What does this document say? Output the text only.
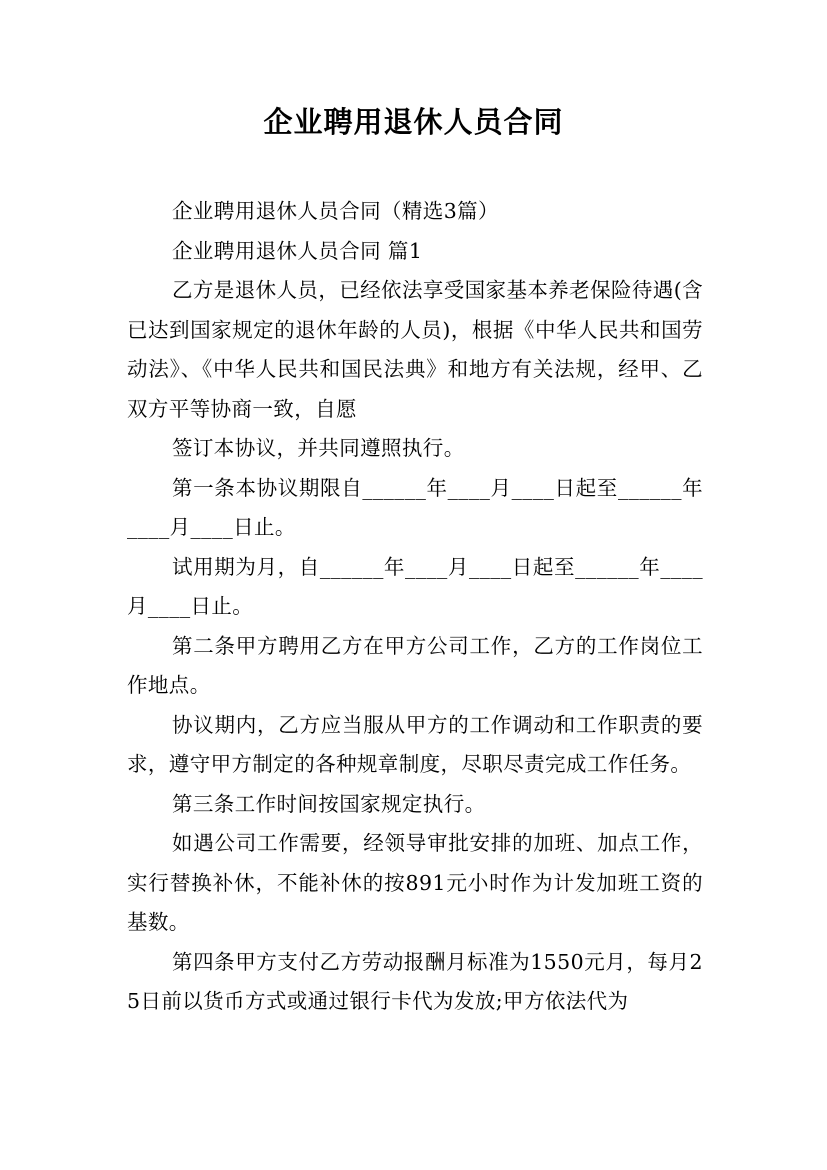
企业聘用退休人员合同

企业聘用退休人员合同（精选3篇）

企业聘用退休人员合同 篇1

乙方是退休人员，已经依法享受国家基本养老保险待遇(含已达到国家规定的退休年龄的人员)，根据《中华人民共和国劳动法》、《中华人民共和国民法典》和地方有关法规，经甲、乙双方平等协商一致，自愿

签订本协议，并共同遵照执行。

第一条本协议期限自______年____月____日起至______年____月____日止。

试用期为月，自______年____月____日起至______年____月____日止。

第二条甲方聘用乙方在甲方公司工作，乙方的工作岗位工作地点。

协议期内，乙方应当服从甲方的工作调动和工作职责的要求，遵守甲方制定的各种规章制度，尽职尽责完成工作任务。

第三条工作时间按国家规定执行。

如遇公司工作需要，经领导审批安排的加班、加点工作，实行替换补休，不能补休的按891元小时作为计发加班工资的基数。

第四条甲方支付乙方劳动报酬月标准为1550元月，每月25日前以货币方式或通过银行卡代为发放;甲方依法代为
